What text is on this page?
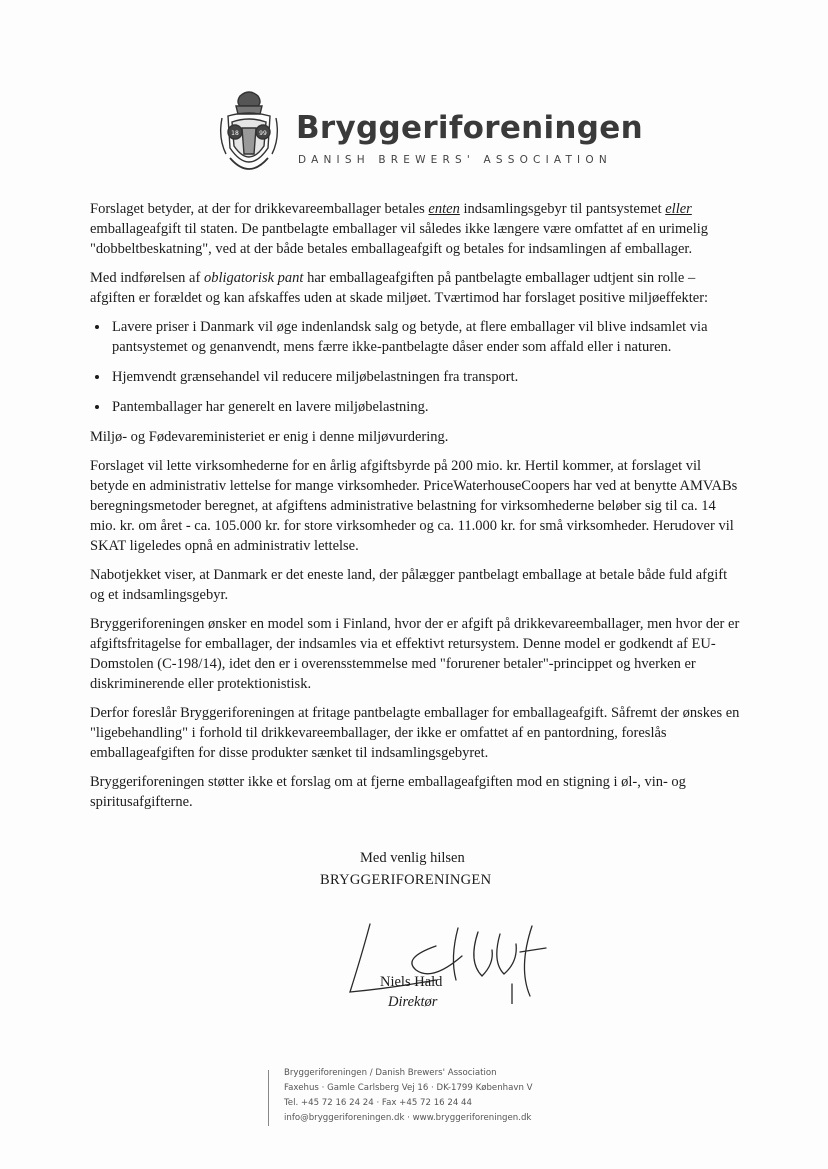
18	99 Bryggeriforeningen
DANISH BREWERS' ASSOCIATION

Forslaget betyder, at der for drikkevareemballager betales enten indsamlingsgebyr til pantsystemet eller emballageafgift til staten. De pantbelagte emballager vil således ikke længere være omfattet af en urimelig "dobbeltbeskatning", ved at der både betales emballageafgift og betales for indsamlingen af emballager.

Med indførelsen af obligatorisk pant har emballageafgiften på pantbelagte emballager udtjent sin rolle – afgiften er forældet og kan afskaffes uden at skade miljøet. Tværtimod har forslaget positive miljøeffekter:

• Lavere priser i Danmark vil øge indenlandsk salg og betyde, at flere emballager vil blive indsamlet via pantsystemet og genanvendt, mens færre ikke-pantbelagte dåser ender som affald eller i naturen.
• Hjemvendt grænsehandel vil reducere miljøbelastningen fra transport.
• Pantemballager har generelt en lavere miljøbelastning.

Miljø- og Fødevareministeriet er enig i denne miljøvurdering.

Forslaget vil lette virksomhederne for en årlig afgiftsbyrde på 200 mio. kr. Hertil kommer, at forslaget vil betyde en administrativ lettelse for mange virksomheder. PriceWaterhouseCoopers har ved at benytte AMVABs beregningsmetoder beregnet, at afgiftens administrative belastning for virksomhederne beløber sig til ca. 14 mio. kr. om året - ca. 105.000 kr. for store virksomheder og ca. 11.000 kr. for små virksomheder. Herudover vil SKAT ligeledes opnå en administrativ lettelse.

Nabotjekket viser, at Danmark er det eneste land, der pålægger pantbelagt emballage at betale både fuld afgift og et indsamlingsgebyr.

Bryggeriforeningen ønsker en model som i Finland, hvor der er afgift på drikkevareemballager, men hvor der er afgiftsfritagelse for emballager, der indsamles via et effektivt retursystem. Denne model er godkendt af EU-Domstolen (C-198/14), idet den er i overensstemmelse med "forurener betaler"-princippet og hverken er diskriminerende eller protektionistisk.

Derfor foreslår Bryggeriforeningen at fritage pantbelagte emballager for emballageafgift. Såfremt der ønskes en "ligebehandling" i forhold til drikkevareemballager, der ikke er omfattet af en pantordning, foreslås emballageafgiften for disse produkter sænket til indsamlingsgebyret.

Bryggeriforeningen støtter ikke et forslag om at fjerne emballageafgiften mod en stigning i øl-, vin- og spiritusafgifterne.

Med venlig hilsen
BRYGGERIFORENINGEN
Niels Hald
Direktør
Bryggeriforeningen / Danish Brewers' Association
Faxehus · Gamle Carlsberg Vej 16 · DK-1799 København V
Tel. +45 72 16 24 24 · Fax +45 72 16 24 44
info@bryggeriforeningen.dk · www.bryggeriforeningen.dk
